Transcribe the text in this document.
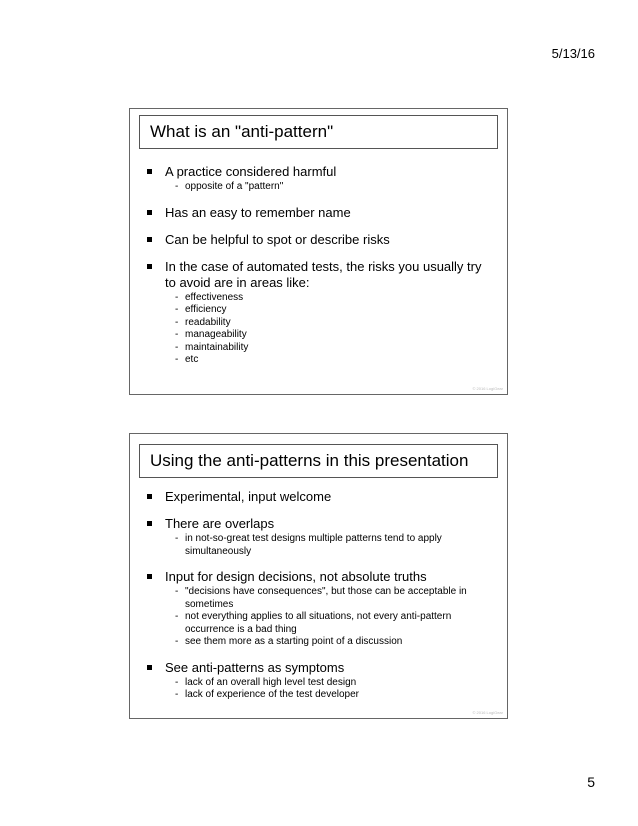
5/13/16
What is an "anti-pattern"
A practice considered harmful
- opposite of a "pattern"
Has an easy to remember name
Can be helpful to spot or describe risks
In the case of automated tests, the risks you usually try to avoid are in areas like:
- effectiveness
- efficiency
- readability
- manageability
- maintainability
- etc
© 2016 LogiGear
Using the anti-patterns in this presentation
Experimental, input welcome
There are overlaps
- in not-so-great test designs multiple patterns tend to apply simultaneously
Input for design decisions, not absolute truths
- "decisions have consequences", but those can be acceptable in sometimes
- not everything applies to all situations, not every anti-pattern occurrence is a bad thing
- see them more as a starting point of a discussion
See anti-patterns as symptoms
- lack of an overall high level test design
- lack of experience of the test developer
© 2016 LogiGear
5
